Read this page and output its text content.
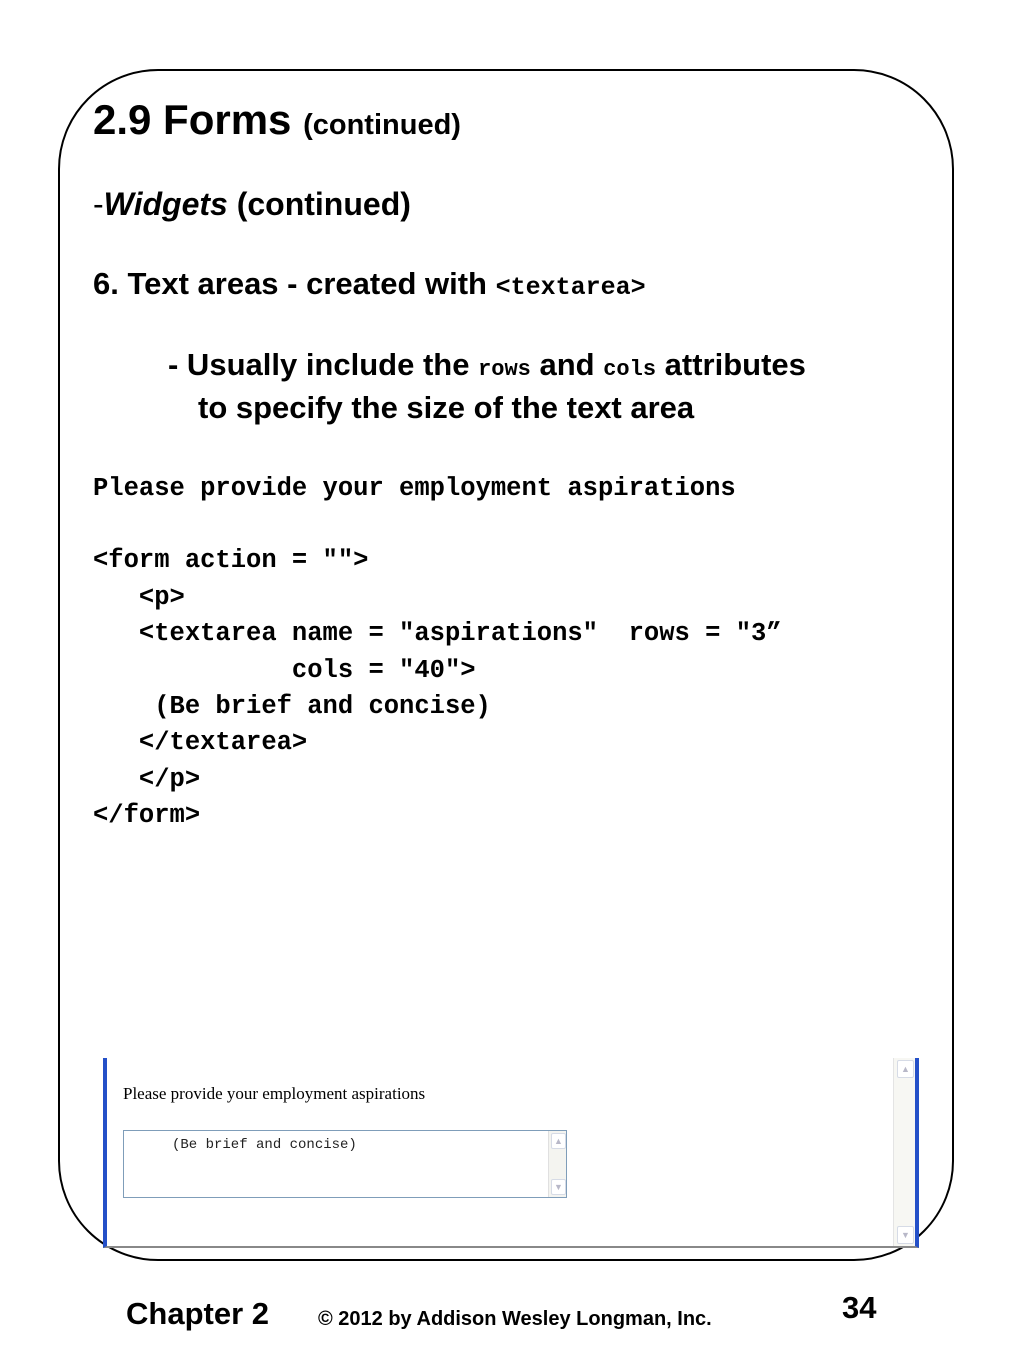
2.9 Forms (continued)
-Widgets (continued)
6. Text areas - created with <textarea>
- Usually include the rows and cols attributes
to specify the size of the text area
Please provide your employment aspirations
<form action = "">
<p>
<textarea name = "aspirations"  rows = "3”
cols = "40">
(Be brief and concise)
</textarea>
</p>
</form>
Please provide your employment aspirations
(Be brief and concise)	▲
▼
▲
▼
Chapter 2 © 2012 by Addison Wesley Longman, Inc.	34
